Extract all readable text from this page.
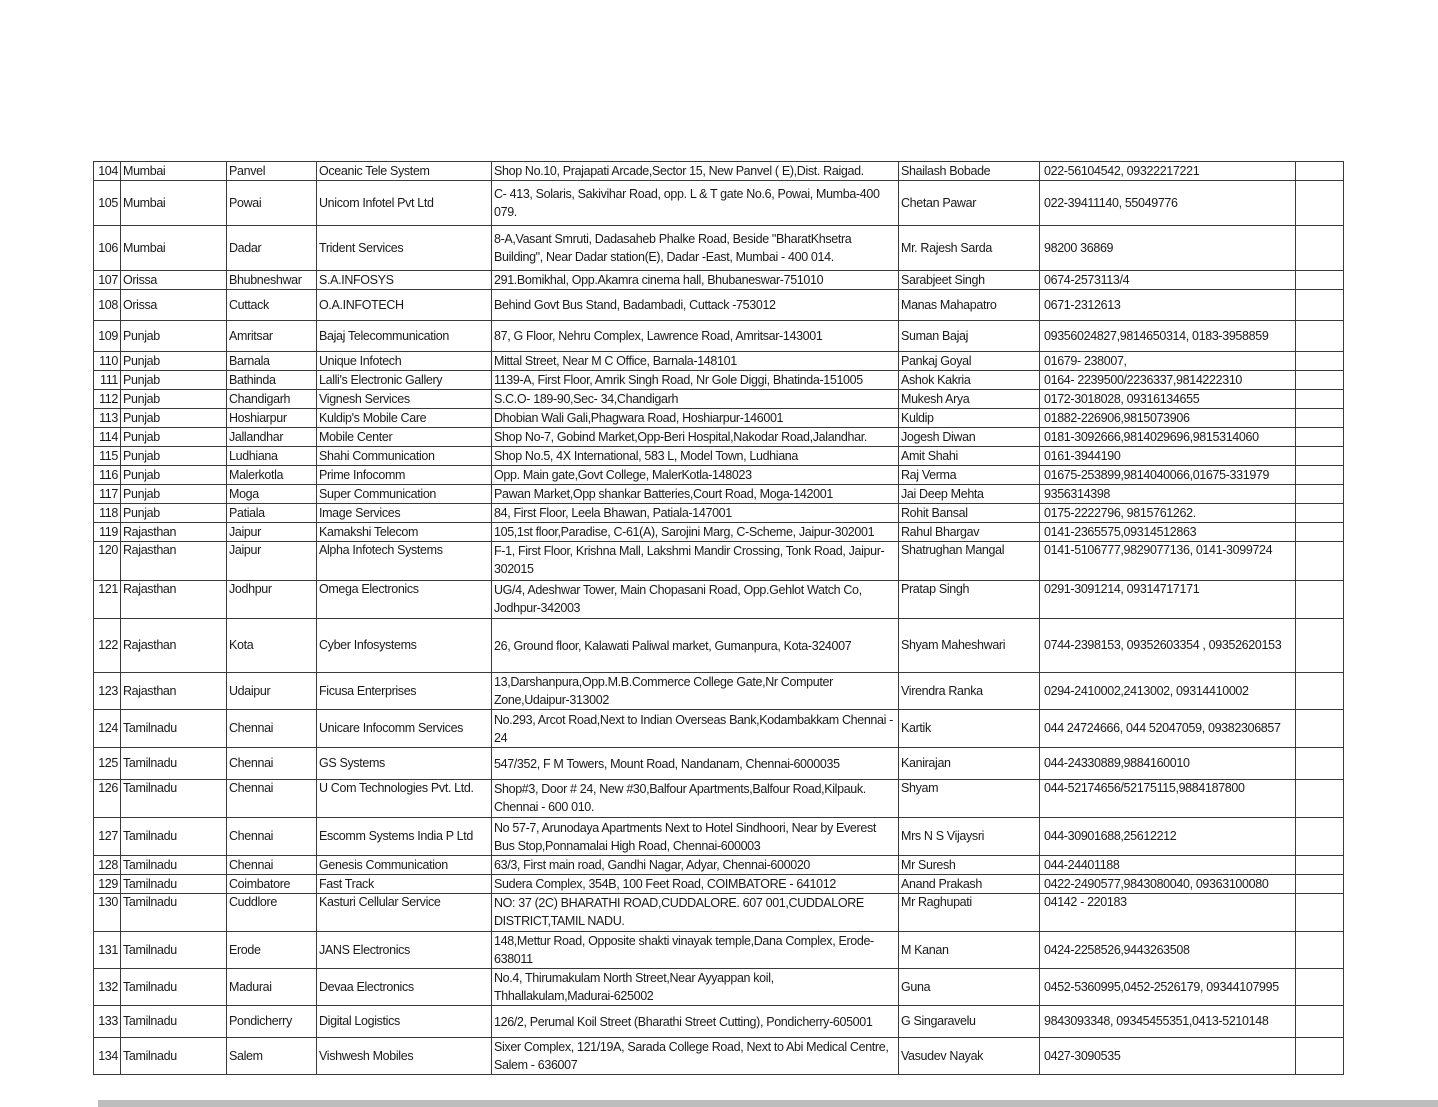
104	Mumbai	Panvel	Oceanic Tele System	Shop No.10, Prajapati Arcade,Sector 15, New Panvel ( E),Dist. Raigad.	Shailash Bobade	022-56104542, 09322217221	
105	Mumbai	Powai	Unicom Infotel Pvt Ltd	C- 413, Solaris, Sakivihar Road, opp. L & T gate No.6, Powai, Mumba-400 079.	Chetan Pawar	022-39411140, 55049776	
106	Mumbai	Dadar	Trident Services	8-A,Vasant Smruti, Dadasaheb Phalke Road, Beside "BharatKhsetra Building", Near Dadar station(E), Dadar -East, Mumbai - 400 014.	Mr. Rajesh Sarda	98200 36869	
107	Orissa	Bhubneshwar	S.A.INFOSYS	291.Bomikhal, Opp.Akamra cinema hall, Bhubaneswar-751010	Sarabjeet Singh	0674-2573113/4	
108	Orissa	Cuttack	O.A.INFOTECH	Behind Govt Bus Stand, Badambadi, Cuttack -753012	Manas Mahapatro	0671-2312613	
109	Punjab	Amritsar	Bajaj Telecommunication	87, G Floor, Nehru Complex, Lawrence Road, Amritsar-143001	Suman Bajaj	09356024827,9814650314, 0183-3958859	
110	Punjab	Barnala	Unique Infotech	Mittal Street, Near M C Office, Barnala-148101	Pankaj Goyal	01679- 238007,	
111	Punjab	Bathinda	Lalli's Electronic Gallery	1139-A, First Floor, Amrik Singh Road, Nr Gole Diggi, Bhatinda-151005	Ashok Kakria	0164- 2239500/2236337,9814222310	
112	Punjab	Chandigarh	Vignesh Services	S.C.O- 189-90,Sec- 34,Chandigarh	Mukesh Arya	0172-3018028, 09316134655	
113	Punjab	Hoshiarpur	Kuldip's Mobile Care	Dhobian Wali Gali,Phagwara Road, Hoshiarpur-146001	Kuldip	01882-226906,9815073906	
114	Punjab	Jallandhar	Mobile Center	Shop No-7, Gobind Market,Opp-Beri Hospital,Nakodar Road,Jalandhar.	Jogesh Diwan	0181-3092666,9814029696,9815314060	
115	Punjab	Ludhiana	Shahi Communication	Shop No.5, 4X International, 583 L, Model Town, Ludhiana	Amit Shahi	0161-3944190	
116	Punjab	Malerkotla	Prime Infocomm	Opp. Main gate,Govt College, MalerKotla-148023	Raj Verma	01675-253899,9814040066,01675-331979	
117	Punjab	Moga	Super Communication	Pawan Market,Opp shankar Batteries,Court Road, Moga-142001	Jai Deep Mehta	9356314398	
118	Punjab	Patiala	Image Services	84, First Floor, Leela Bhawan, Patiala-147001	Rohit Bansal	0175-2222796, 9815761262.	
119	Rajasthan	Jaipur	Kamakshi Telecom	105,1st floor,Paradise, C-61(A), Sarojini Marg, C-Scheme, Jaipur-302001	Rahul Bhargav	0141-2365575,09314512863	
120	Rajasthan	Jaipur	Alpha Infotech Systems	F-1, First Floor, Krishna Mall, Lakshmi Mandir Crossing, Tonk Road, Jaipur-302015	Shatrughan Mangal	0141-5106777,9829077136, 0141-3099724	
121	Rajasthan	Jodhpur	Omega Electronics	UG/4, Adeshwar Tower, Main Chopasani Road, Opp.Gehlot Watch Co, Jodhpur-342003	Pratap Singh	0291-3091214, 09314717171	
122	Rajasthan	Kota	Cyber Infosystems	26, Ground floor, Kalawati Paliwal market, Gumanpura, Kota-324007	Shyam Maheshwari	0744-2398153, 09352603354 , 09352620153	
123	Rajasthan	Udaipur	Ficusa Enterprises	13,Darshanpura,Opp.M.B.Commerce College Gate,Nr Computer Zone,Udaipur-313002	Virendra Ranka	0294-2410002,2413002, 09314410002	
124	Tamilnadu	Chennai	Unicare Infocomm Services	No.293, Arcot Road,Next to Indian Overseas Bank,Kodambakkam Chennai - 24	Kartik	044 24724666, 044 52047059, 09382306857	
125	Tamilnadu	Chennai	GS Systems	547/352, F M Towers, Mount Road, Nandanam, Chennai-6000035	Kanirajan	044-24330889,9884160010	
126	Tamilnadu	Chennai	U Com Technologies Pvt. Ltd.	Shop#3, Door # 24, New #30,Balfour Apartments,Balfour Road,Kilpauk. Chennai - 600 010.	Shyam	044-52174656/52175115,9884187800	
127	Tamilnadu	Chennai	Escomm Systems India P Ltd	No 57-7, Arunodaya Apartments Next to Hotel Sindhoori, Near by Everest Bus Stop,Ponnamalai High Road, Chennai-600003	Mrs N S Vijaysri	044-30901688,25612212	
128	Tamilnadu	Chennai	Genesis Communication	63/3, First main road, Gandhi Nagar, Adyar, Chennai-600020	Mr Suresh	044-24401188	
129	Tamilnadu	Coimbatore	Fast Track	Sudera Complex, 354B, 100 Feet Road, COIMBATORE - 641012	Anand Prakash	0422-2490577,9843080040, 09363100080	
130	Tamilnadu	Cuddlore	Kasturi Cellular Service	NO: 37 (2C) BHARATHI ROAD,CUDDALORE. 607 001,CUDDALORE DISTRICT,TAMIL NADU.	Mr Raghupati	04142 - 220183	
131	Tamilnadu	Erode	JANS Electronics	148,Mettur Road, Opposite shakti vinayak temple,Dana Complex, Erode-638011	M Kanan	0424-2258526,9443263508	
132	Tamilnadu	Madurai	Devaa Electronics	No.4, Thirumakulam North Street,Near Ayyappan koil, Thhallakulam,Madurai-625002	Guna	0452-5360995,0452-2526179, 09344107995	
133	Tamilnadu	Pondicherry	Digital Logistics	126/2, Perumal Koil Street (Bharathi Street Cutting), Pondicherry-605001	G Singaravelu	9843093348, 09345455351,0413-5210148	
134	Tamilnadu	Salem	Vishwesh Mobiles	Sixer Complex, 121/19A, Sarada College Road, Next to Abi Medical Centre, Salem - 636007	Vasudev Nayak	0427-3090535	
